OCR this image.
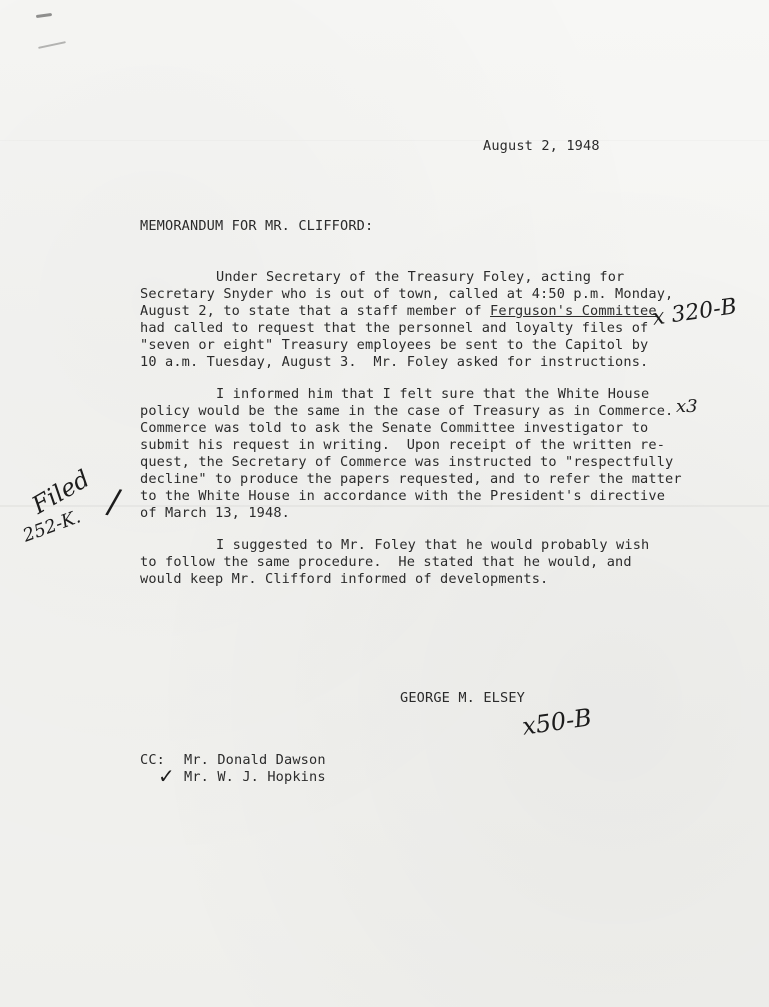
August 2, 1948
MEMORANDUM FOR MR. CLIFFORD:
Under Secretary of the Treasury Foley, acting for
Secretary Snyder who is out of town, called at 4:50 p.m. Monday,
August 2, to state that a staff member of Ferguson's Committee
had called to request that the personnel and loyalty files of
"seven or eight" Treasury employees be sent to the Capitol by
10 a.m. Tuesday, August 3.  Mr. Foley asked for instructions.
I informed him that I felt sure that the White House
policy would be the same in the case of Treasury as in Commerce.
Commerce was told to ask the Senate Committee investigator to
submit his request in writing.  Upon receipt of the written re-
quest, the Secretary of Commerce was instructed to "respectfully
decline" to produce the papers requested, and to refer the matter
to the White House in accordance with the President's directive
of March 13, 1948.
I suggested to Mr. Foley that he would probably wish
to follow the same procedure.  He stated that he would, and
would keep Mr. Clifford informed of developments.
GEORGE M. ELSEY
CC: Mr. Donald Dawson
Mr. W. J. Hopkins
x 320-B
x3
Filed
252-K.
/
x50-B
✓
